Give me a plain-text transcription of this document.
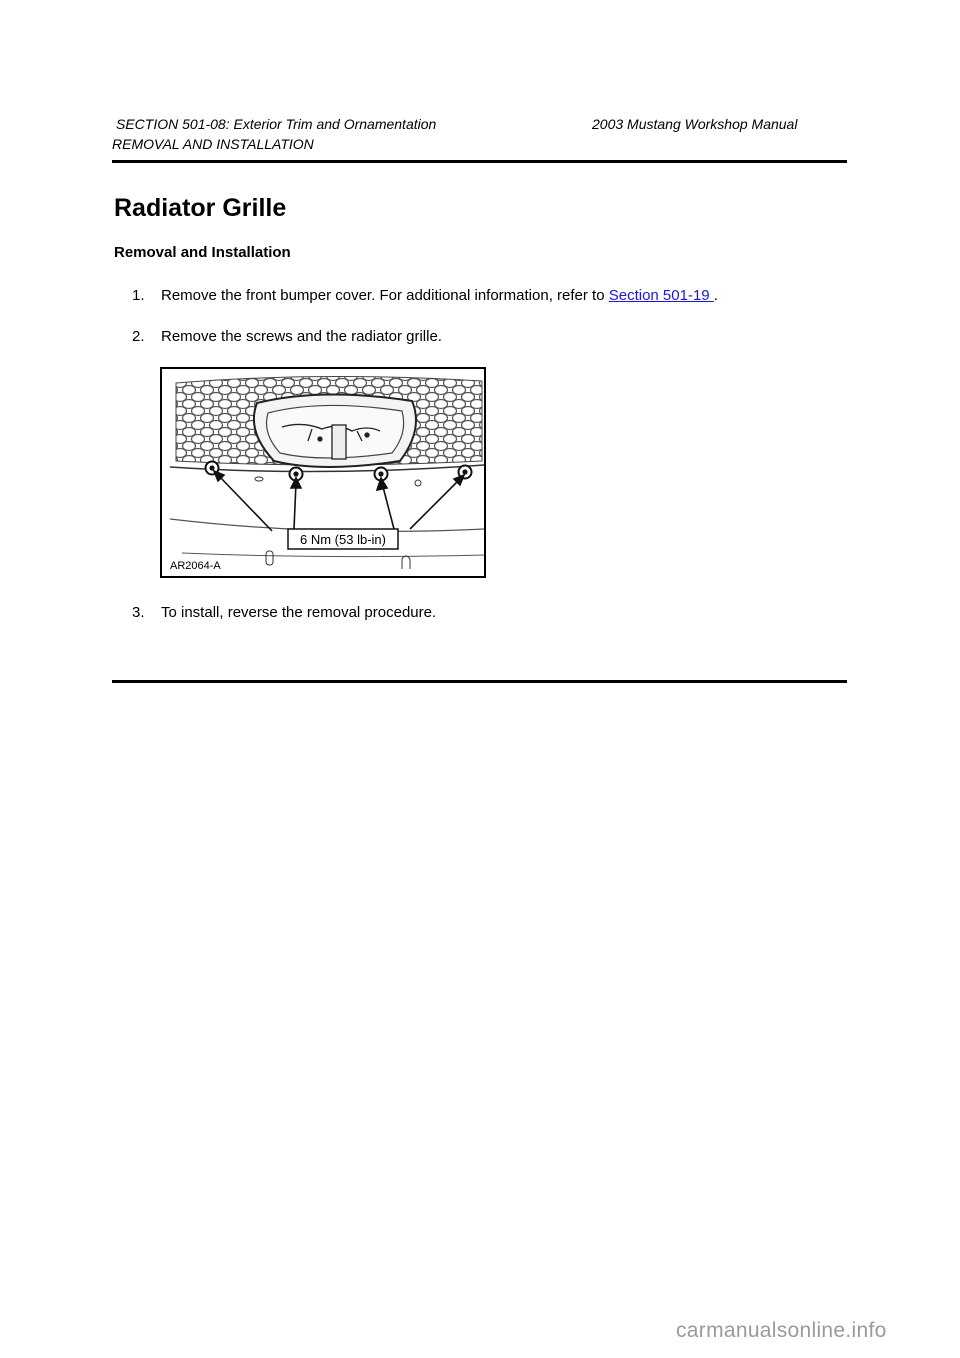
SECTION 501-08: Exterior Trim and Ornamentation	2003 Mustang Workshop Manual
REMOVAL AND INSTALLATION
Radiator Grille
Removal and Installation
1. Remove the front bumper cover. For additional information, refer to Section 501-19 .
2. Remove the screws and the radiator grille.
6 Nm (53 lb-in)
AR2064-A
3. To install, reverse the removal procedure.
carmanualsonline.info
